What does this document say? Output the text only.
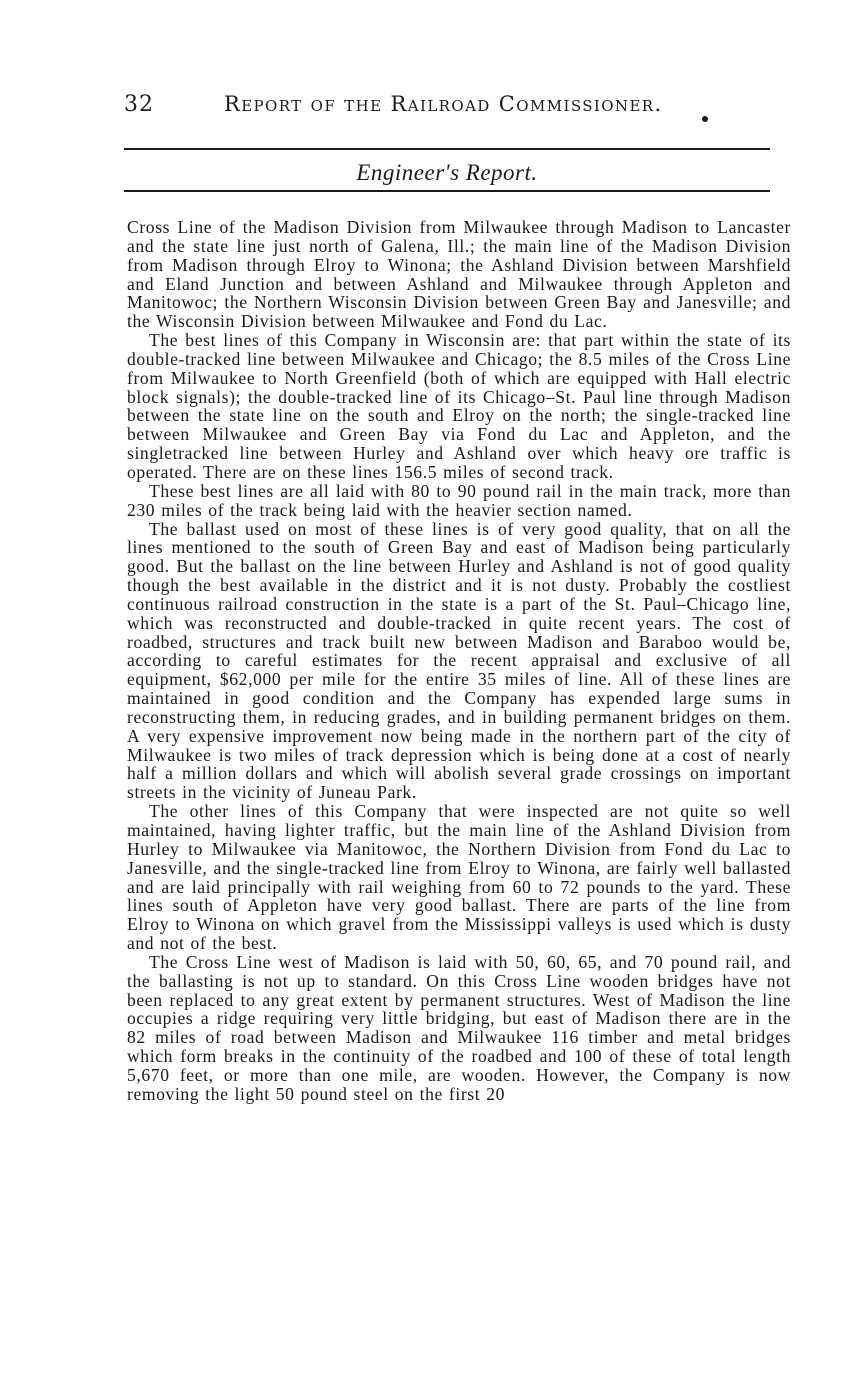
32	Report of the Railroad Commissioner.
Engineer's Report.

Cross Line of the Madison Division from Milwaukee through Madison to Lancaster and the state line just north of Galena, Ill.; the main line of the Madison Division from Madison through Elroy to Winona; the Ashland Division between Marshfield and Eland Junction and between Ashland and Milwaukee through Appleton and Manitowoc; the Northern Wisconsin Division between Green Bay and Janesville; and the Wisconsin Division between Milwaukee and Fond du Lac.

The best lines of this Company in Wisconsin are: that part within the state of its double-tracked line between Milwaukee and Chicago; the 8.5 miles of the Cross Line from Milwaukee to North Greenfield (both of which are equipped with Hall electric block signals); the double-tracked line of its Chicago–St. Paul line through Madison between the state line on the south and Elroy on the north; the single-tracked line between Milwaukee and Green Bay via Fond du Lac and Appleton, and the singletracked line between Hurley and Ashland over which heavy ore traffic is operated. There are on these lines 156.5 miles of second track.

These best lines are all laid with 80 to 90 pound rail in the main track, more than 230 miles of the track being laid with the heavier section named.

The ballast used on most of these lines is of very good quality, that on all the lines mentioned to the south of Green Bay and east of Madison being particularly good. But the ballast on the line between Hurley and Ashland is not of good quality though the best available in the district and it is not dusty. Probably the costliest continuous railroad construction in the state is a part of the St. Paul–Chicago line, which was reconstructed and double-tracked in quite recent years. The cost of roadbed, structures and track built new between Madison and Baraboo would be, according to careful estimates for the recent appraisal and exclusive of all equipment, $62,000 per mile for the entire 35 miles of line. All of these lines are maintained in good condition and the Company has expended large sums in reconstructing them, in reducing grades, and in building permanent bridges on them. A very expensive improvement now being made in the northern part of the city of Milwaukee is two miles of track depression which is being done at a cost of nearly half a million dollars and which will abolish several grade crossings on important streets in the vicinity of Juneau Park.

The other lines of this Company that were inspected are not quite so well maintained, having lighter traffic, but the main line of the Ashland Division from Hurley to Milwaukee via Manitowoc, the Northern Division from Fond du Lac to Janesville, and the single-tracked line from Elroy to Winona, are fairly well ballasted and are laid principally with rail weighing from 60 to 72 pounds to the yard. These lines south of Appleton have very good ballast. There are parts of the line from Elroy to Winona on which gravel from the Mississippi valleys is used which is dusty and not of the best.

The Cross Line west of Madison is laid with 50, 60, 65, and 70 pound rail, and the ballasting is not up to standard. On this Cross Line wooden bridges have not been replaced to any great extent by permanent structures. West of Madison the line occupies a ridge requiring very little bridging, but east of Madison there are in the 82 miles of road between Madison and Milwaukee 116 timber and metal bridges which form breaks in the continuity of the roadbed and 100 of these of total length 5,670 feet, or more than one mile, are wooden. However, the Company is now removing the light 50 pound steel on the first 20
